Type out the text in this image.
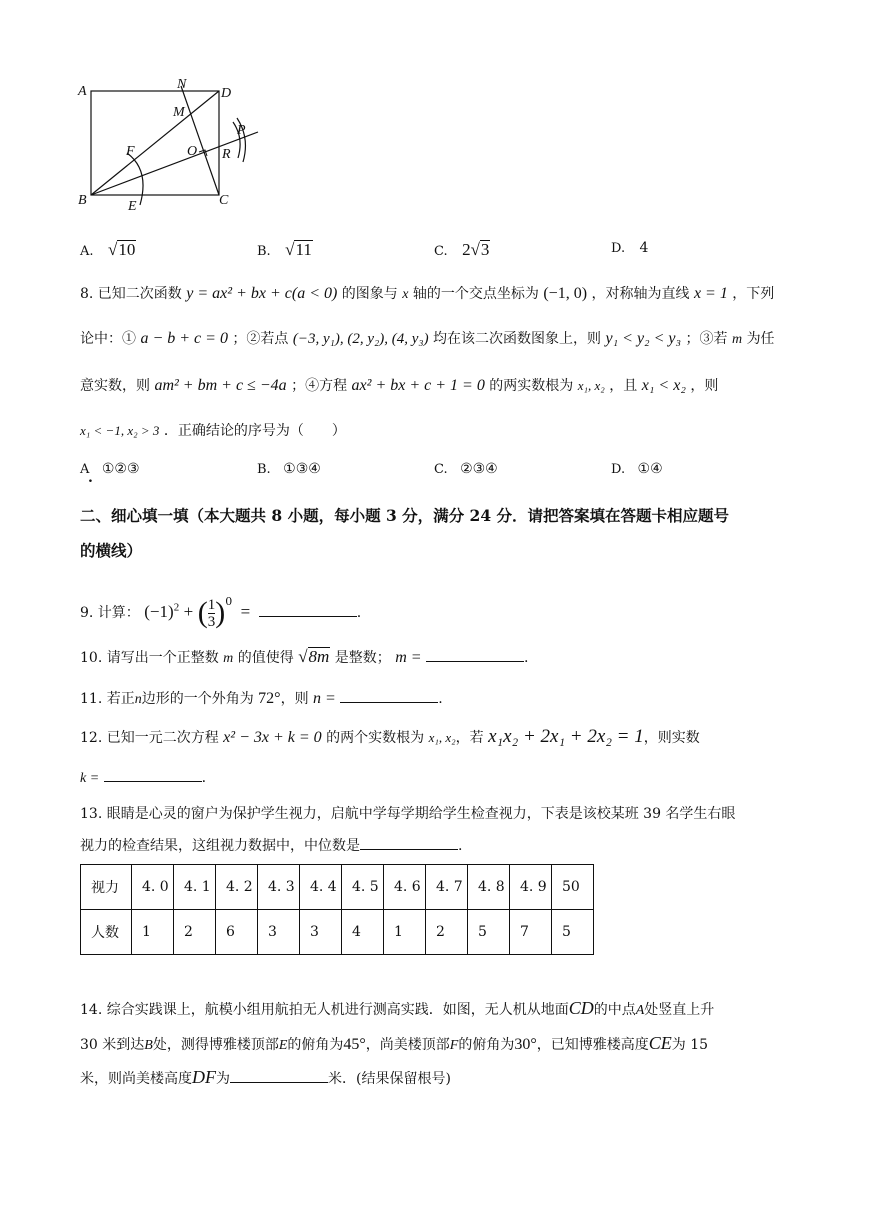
A	N
D
M
P
F	O R
B	E	C
A. √10	B. √11	C. 2√3	D. 4
8. 已知二次函数 y = ax² + bx + c(a < 0) 的图象与 x 轴的一个交点坐标为 (−1, 0) ，对称轴为直线 x = 1 ，下列
论中：① a − b + c = 0 ；②若点 (−3, y₁), (2, y₂), (4, y₃) 均在该二次函数图象上，则 y₁ < y₂ < y₃ ；③若 m 为任
意实数，则 am² + bm + c ≤ −4a ；④方程 ax² + bx + c + 1 = 0 的两实数根为 x₁, x₂ ，且 x₁ < x₂ ，则
x₁ < −1, x₂ > 3 ．正确结论的序号为（　　）
A ①②③
.
B. ①③④	C. ②③④	D. ①④
二、细心填一填（本大题共 8 小题，每小题 3 分，满分 24 分．请把答案填在答题卡相应题号
的横线）
9. 计算： $(-1)^2$ + ( $\frac{1}{3} )^0$ =	.
10. 请写出一个正整数 m 的值使得 √8m 是整数； m =	.
11. 若正n边形的一个外角为 72°，则 n =	.
12. 已知一元二次方程 x² − 3x + k = 0 的两个实数根为 x₁, x₂，若 x₁x₂ + 2x₁ + 2x₂ = 1，则实数
k =	.
13. 眼睛是心灵的窗户为保护学生视力，启航中学每学期给学生检查视力，下表是该校某班 39 名学生右眼
视力的检查结果，这组视力数据中，中位数是	.
视力	4. 0	4. 1	4. 2	4. 3	4. 4	4. 5	4. 6	4. 7	4. 8	4. 9	50
人数	1	2	6	3	3	4	1	2	5	7	5
14. 综合实践课上，航模小组用航拍无人机进行测高实践．如图，无人机从地面CD的中点A处竖直上升
30 米到达B处，测得博雅楼顶部E的俯角为45°，尚美楼顶部F的俯角为30°，已知博雅楼高度CE为 15
米，则尚美楼高度DF为	米．(结果保留根号)
